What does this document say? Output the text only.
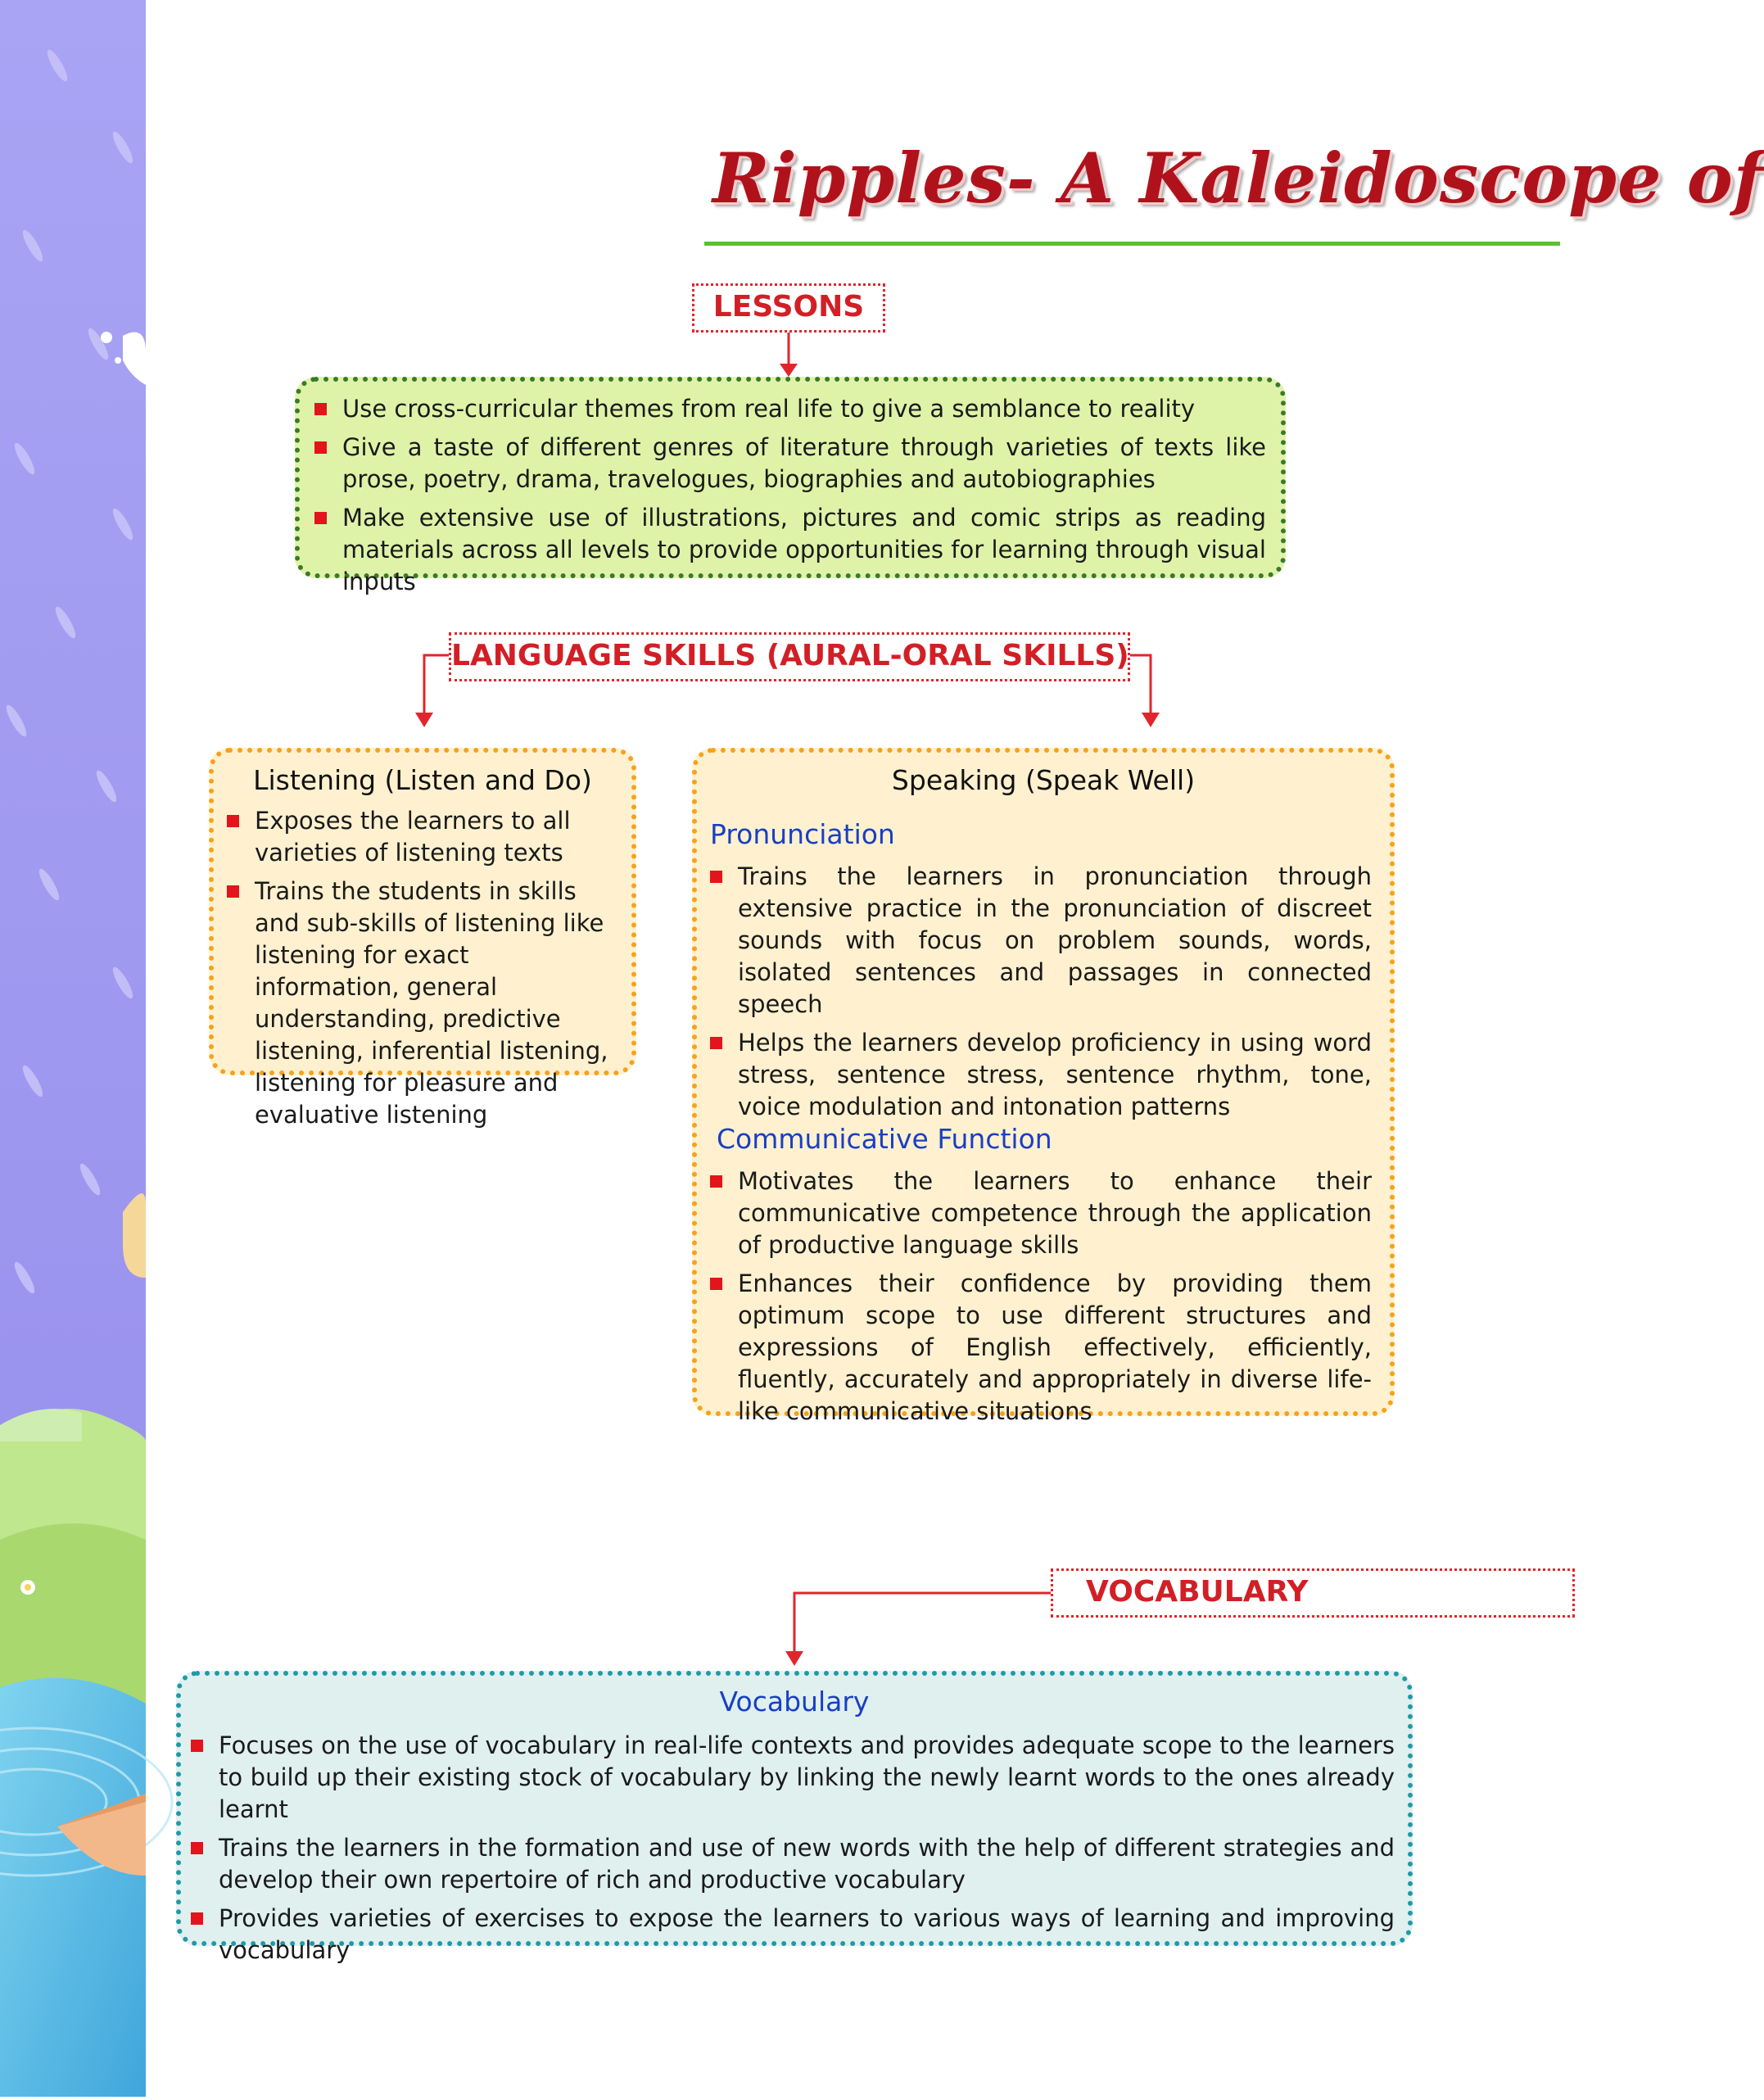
Ripples- A Kaleidoscope of
LESSONS
Use cross-curricular themes from real life to give a semblance to reality
Give a taste of different genres of literature through varieties of texts like prose, poetry, drama, travelogues, biographies and autobiographies
Make extensive use of illustrations, pictures and comic strips as reading materials across all levels to provide opportunities for learning through visual inputs
LANGUAGE SKILLS (AURAL-ORAL SKILLS)
Listening (Listen and Do)
Exposes the learners to all varieties of listening texts
Trains the students in skills and sub-skills of listening like listening for exact information, general understanding, predictive listening, inferential listening, listening for pleasure and evaluative listening
Speaking (Speak Well)
Pronunciation
Trains the learners in pronunciation through extensive practice in the pronunciation of discreet sounds with focus on problem sounds, words, isolated sentences and passages in connected speech
Helps the learners develop proficiency in using word stress, sentence stress, sentence rhythm, tone, voice modulation and intonation patterns
Communicative Function
Motivates the learners to enhance their communicative competence through the application of productive language skills
Enhances their confidence by providing them optimum scope to use different structures and expressions of English effectively, efficiently, fluently, accurately and appropriately in diverse life-like communicative situations
VOCABULARY
Vocabulary
Focuses on the use of vocabulary in real-life contexts and provides adequate scope to the learners to build up their existing stock of vocabulary by linking the newly learnt words to the ones already learnt
Trains the learners in the formation and use of new words with the help of different strategies and develop their own repertoire of rich and productive vocabulary
Provides varieties of exercises to expose the learners to various ways of learning and improving vocabulary
